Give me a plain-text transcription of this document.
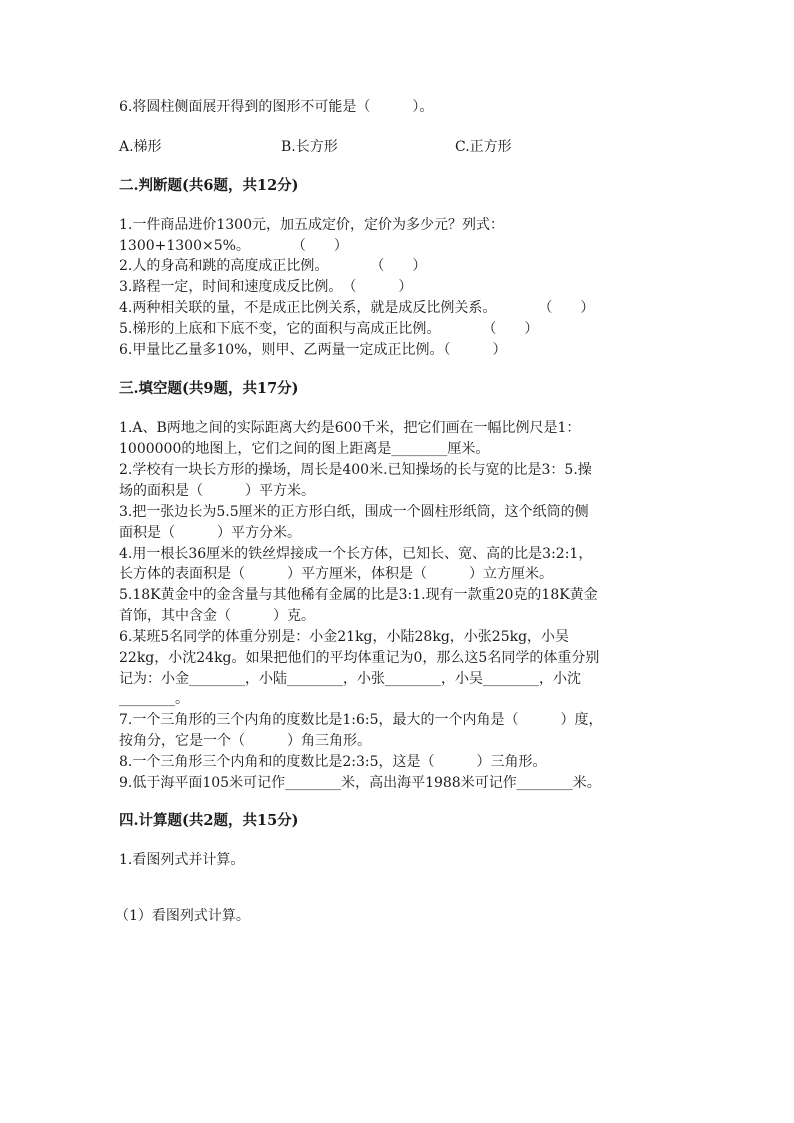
6.将圆柱侧面展开得到的图形不可能是（　　　）。

A.梯形	B.长方形	C.正方形

二.判断题(共6题，共12分)

1.一件商品进价1300元，加五成定价，定价为多少元？列式：

1300+1300×5%。　　　　（　　）

2.人的身高和跳的高度成正比例。　　　　（　　）

3.路程一定，时间和速度成反比例。　（　　　）

4.两种相关联的量，不是成正比例关系，就是成反比例关系。　　　　（　　）

5.梯形的上底和下底不变，它的面积与高成正比例。　　　　（　　）

6.甲量比乙量多10%，则甲、乙两量一定成正比例。（　　　）

三.填空题(共9题，共17分)

1.A、B两地之间的实际距离大约是600千米，把它们画在一幅比例尺是1：

1000000的地图上，它们之间的图上距离是________厘米。

2.学校有一块长方形的操场，周长是400米.已知操场的长与宽的比是3：5.操

场的面积是（　　　）平方米。

3.把一张边长为5.5厘米的正方形白纸，围成一个圆柱形纸筒，这个纸筒的侧

面积是（　　　）平方分米。

4.用一根长36厘米的铁丝焊接成一个长方体，已知长、宽、高的比是3:2:1，

长方体的表面积是（　　　）平方厘米，体积是（　　　）立方厘米。

5.18K黄金中的金含量与其他稀有金属的比是3:1.现有一款重20克的18K黄金

首饰，其中含金（　　　）克。

6.某班5名同学的体重分别是：小金21kg，小陆28kg，小张25kg，小吴

22kg，小沈24kg。如果把他们的平均体重记为0，那么这5名同学的体重分别

记为：小金________，小陆________，小张________，小吴________，小沈

________。

7.一个三角形的三个内角的度数比是1:6:5，最大的一个内角是（　　　）度，

按角分，它是一个（　　　）角三角形。

8.一个三角形三个内角和的度数比是2:3:5，这是（　　　）三角形。

9.低于海平面105米可记作________米，高出海平1988米可记作________米。

四.计算题(共2题，共15分)

1.看图列式并计算。

（1）看图列式计算。
